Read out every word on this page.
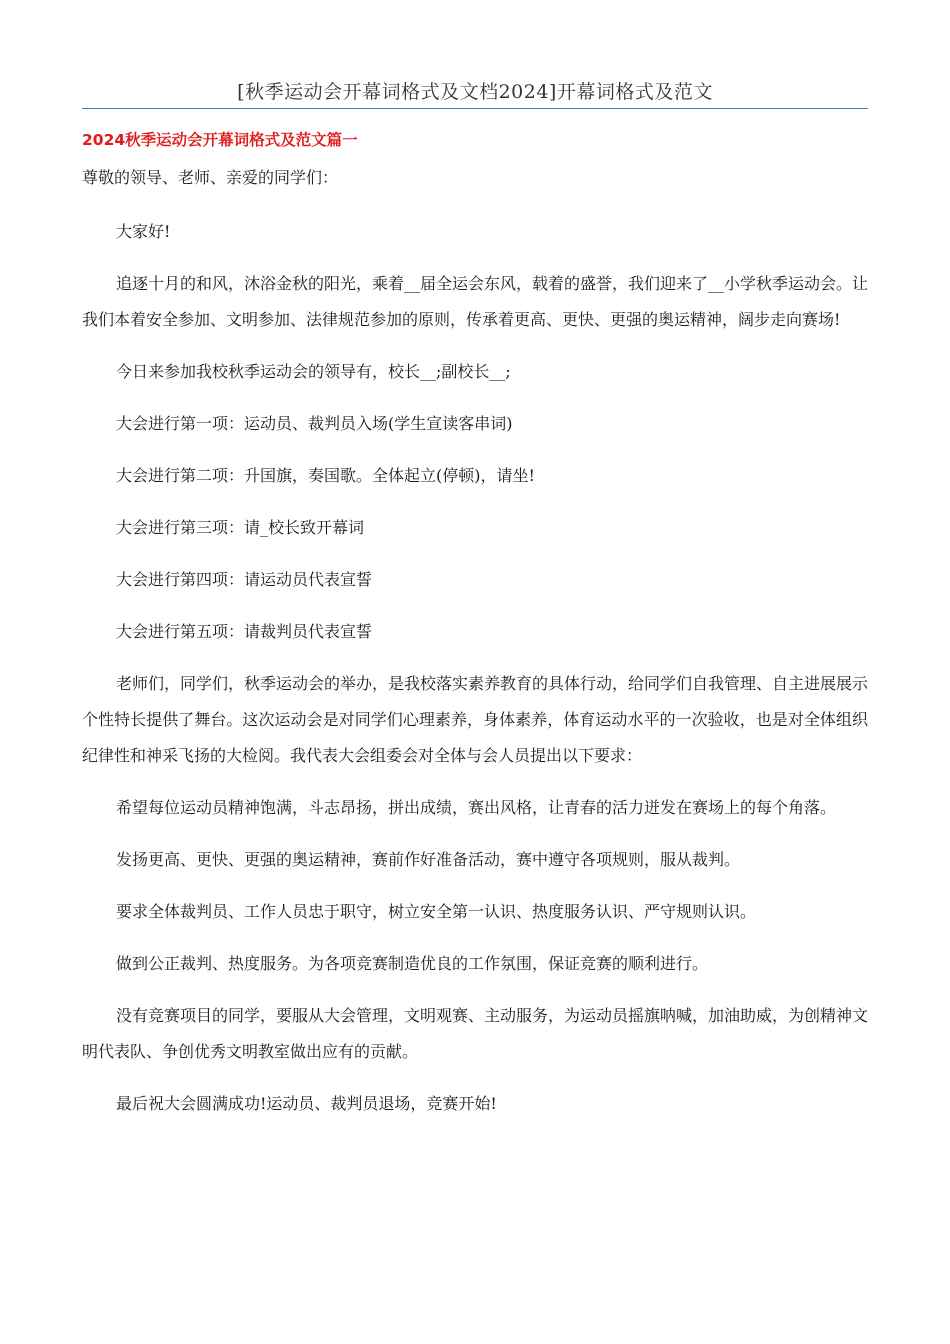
[秋季运动会开幕词格式及文档2024]开幕词格式及范文
2024秋季运动会开幕词格式及范文篇一

尊敬的领导、老师、亲爱的同学们：

大家好!

追逐十月的和风，沐浴金秋的阳光，乘着__届全运会东风，载着的盛誉，我们迎来了__小学秋季运动会。让我们本着安全参加、文明参加、法律规范参加的原则，传承着更高、更快、更强的奥运精神，阔步走向赛场!

今日来参加我校秋季运动会的领导有，校长__;副校长__;

大会进行第一项：运动员、裁判员入场(学生宣读客串词)

大会进行第二项：升国旗，奏国歌。全体起立(停顿)，请坐!

大会进行第三项：请_校长致开幕词

大会进行第四项：请运动员代表宣誓

大会进行第五项：请裁判员代表宣誓

老师们，同学们，秋季运动会的举办，是我校落实素养教育的具体行动，给同学们自我管理、自主进展展示个性特长提供了舞台。这次运动会是对同学们心理素养，身体素养，体育运动水平的一次验收，也是对全体组织纪律性和神采飞扬的大检阅。我代表大会组委会对全体与会人员提出以下要求：

希望每位运动员精神饱满，斗志昂扬，拼出成绩，赛出风格，让青春的活力迸发在赛场上的每个角落。

发扬更高、更快、更强的奥运精神，赛前作好准备活动，赛中遵守各项规则，服从裁判。

要求全体裁判员、工作人员忠于职守，树立安全第一认识、热度服务认识、严守规则认识。

做到公正裁判、热度服务。为各项竞赛制造优良的工作氛围，保证竞赛的顺利进行。

没有竞赛项目的同学，要服从大会管理，文明观赛、主动服务，为运动员摇旗呐喊，加油助威，为创精神文明代表队、争创优秀文明教室做出应有的贡献。

最后祝大会圆满成功!运动员、裁判员退场，竞赛开始!
